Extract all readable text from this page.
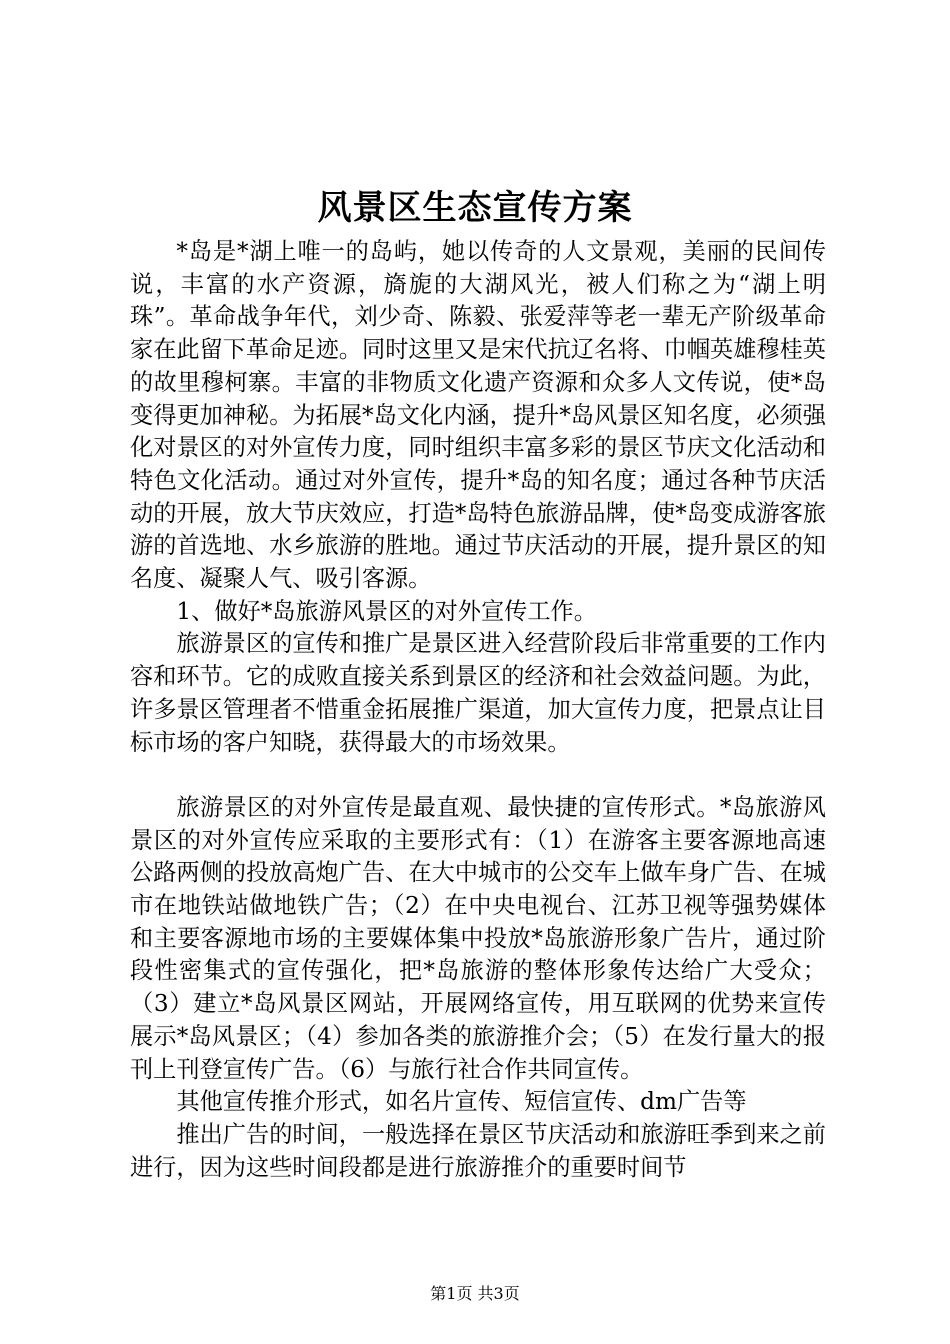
风景区生态宣传方案

*岛是*湖上唯一的岛屿，她以传奇的人文景观，美丽的民间传说，丰富的水产资源，旖旎的大湖风光，被人们称之为“湖上明珠”。革命战争年代，刘少奇、陈毅、张爱萍等老一辈无产阶级革命家在此留下革命足迹。同时这里又是宋代抗辽名将、巾帼英雄穆桂英的故里穆柯寨。丰富的非物质文化遗产资源和众多人文传说，使*岛变得更加神秘。为拓展*岛文化内涵，提升*岛风景区知名度，必须强化对景区的对外宣传力度，同时组织丰富多彩的景区节庆文化活动和特色文化活动。通过对外宣传，提升*岛的知名度；通过各种节庆活动的开展，放大节庆效应，打造*岛特色旅游品牌，使*岛变成游客旅游的首选地、水乡旅游的胜地。通过节庆活动的开展，提升景区的知名度、凝聚人气、吸引客源。

1、做好*岛旅游风景区的对外宣传工作。

旅游景区的宣传和推广是景区进入经营阶段后非常重要的工作内容和环节。它的成败直接关系到景区的经济和社会效益问题。为此，许多景区管理者不惜重金拓展推广渠道，加大宣传力度，把景点让目标市场的客户知晓，获得最大的市场效果。

旅游景区的对外宣传是最直观、最快捷的宣传形式。*岛旅游风景区的对外宣传应采取的主要形式有：（1）在游客主要客源地高速公路两侧的投放高炮广告、在大中城市的公交车上做车身广告、在城市在地铁站做地铁广告；（2）在中央电视台、江苏卫视等强势媒体和主要客源地市场的主要媒体集中投放*岛旅游形象广告片，通过阶段性密集式的宣传强化，把*岛旅游的整体形象传达给广大受众；（3）建立*岛风景区网站，开展网络宣传，用互联网的优势来宣传展示*岛风景区；（4）参加各类的旅游推介会；（5）在发行量大的报刊上刊登宣传广告。（6）与旅行社合作共同宣传。

其他宣传推介形式，如名片宣传、短信宣传、dm广告等

推出广告的时间，一般选择在景区节庆活动和旅游旺季到来之前进行，因为这些时间段都是进行旅游推介的重要时间节

第1页 共3页
